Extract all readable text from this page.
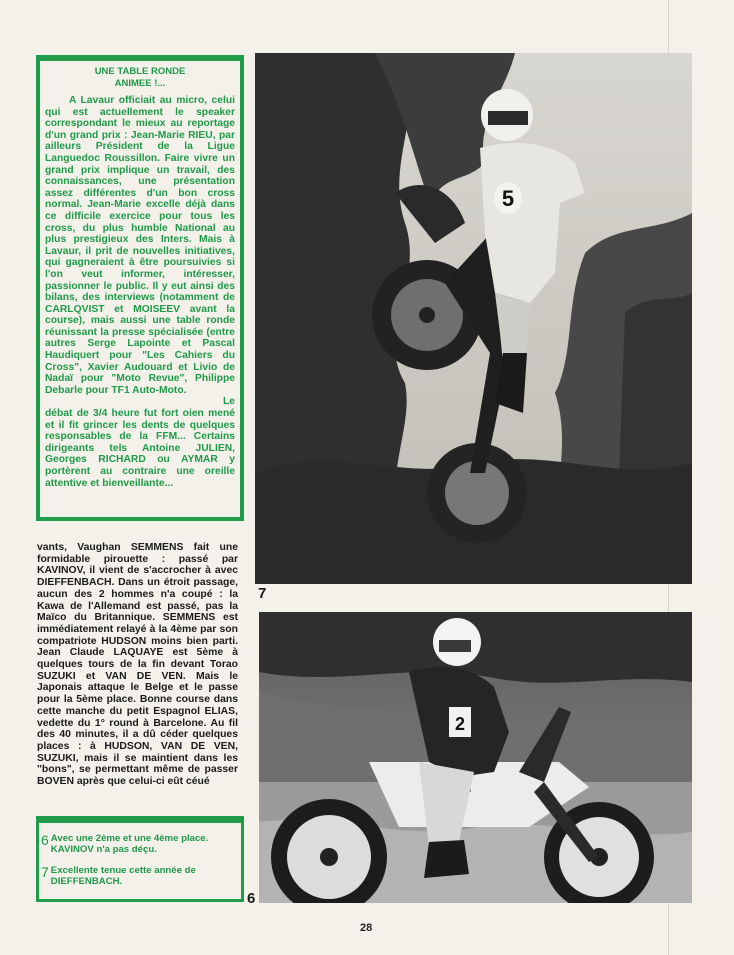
UNE TABLE RONDE
ANIMEE !...

A Lavaur officiait au micro, celui qui est actuellement le speaker correspondant le mieux au reportage d'un grand prix : Jean-Marie RIEU, par ailleurs Président de la Ligue Languedoc Roussillon. Faire vivre un grand prix implique un travail, des connaissances, une présentation assez différentes d'un bon cross normal. Jean-Marie excelle déjà dans ce difficile exercice pour tous les cross, du plus humble National au plus prestigieux des Inters. Mais à Lavaur, il prit de nouvelles initiatives, qui gagneraient à être poursuivies si l'on veut informer, intéresser, passionner le public. Il y eut ainsi des bilans, des interviews (notamment de CARLQVIST et MOISEEV avant la course), mais aussi une table ronde réunissant la presse spécialisée (entre autres Serge Lapointe et Pascal Haudiquert pour "Les Cahiers du Cross", Xavier Audouard et Livio de Nadaï pour "Moto Revue", Philippe Debarle pour TF1 Auto-Moto.

Le
débat de 3/4 heure fut fort oien mené et il fit grincer les dents de quelques responsables de la FFM... Certains dirigeants tels Antoine JULIEN, Georges RICHARD ou AYMAR y portèrent au contraire une oreille attentive et bienveillante...

vants, Vaughan SEMMENS fait une formidable pirouette : passé par KAVINOV, il vient de s'accrocher à avec DIEFFENBACH. Dans un étroit passage, aucun des 2 hommes n'a coupé : la Kawa de l'Allemand est passé, pas la Maïco du Britannique. SEMMENS est immédiatement relayé à la 4ème par son compatriote HUDSON moins bien parti. Jean Claude LAQUAYE est 5ème à quelques tours de la fin devant Torao SUZUKI et VAN DE VEN. Mais le Japonais attaque le Belge et le passe pour la 5ème place. Bonne course dans cette manche du petit Espagnol ELIAS, vedette du 1° round à Barcelone. Au fil des 40 minutes, il a dû céder quelques places : à HUDSON, VAN DE VEN, SUZUKI, mais il se maintient dans les "bons", se permettant même de passer BOVEN après que celui-ci eût céué
6 Avec une 2ème et une 4ème place. KAVINOV n'a pas déçu.
7 Excellente tenue cette année de DIEFFENBACH.
5
7
2
6
28
